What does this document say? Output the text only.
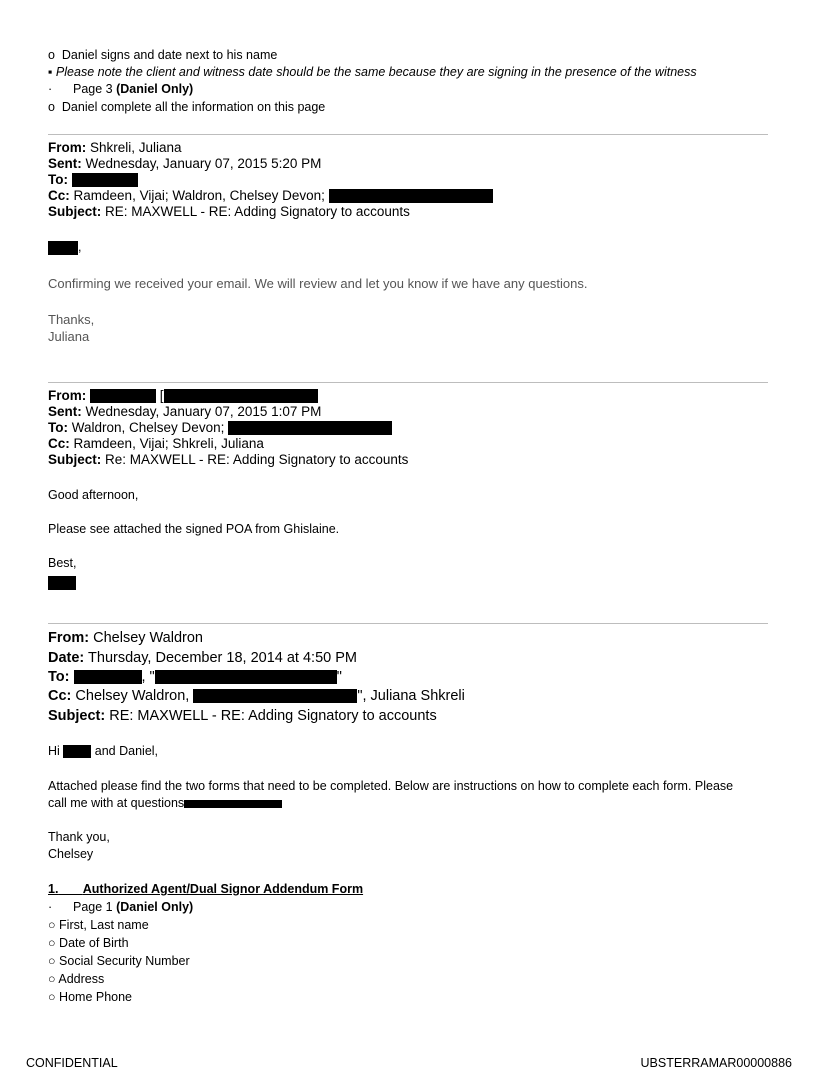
o Daniel signs and date next to his name
▪ Please note the client and witness date should be the same because they are signing in the presence of the witness
· Page 3 (Daniel Only)
o Daniel complete all the information on this page
From: Shkreli, Juliana
Sent: Wednesday, January 07, 2015 5:20 PM
To:
Cc: Ramdeen, Vijai; Waldron, Chelsey Devon;
Subject: RE: MAXWELL - RE: Adding Signatory to accounts
,
Confirming we received your email. We will review and let you know if we have any questions.
Thanks,
Juliana
From:	[
Sent: Wednesday, January 07, 2015 1:07 PM
To: Waldron, Chelsey Devon;
Cc: Ramdeen, Vijai; Shkreli, Juliana
Subject: Re: MAXWELL - RE: Adding Signatory to accounts
Good afternoon,
Please see attached the signed POA from Ghislaine.
Best,
From: Chelsey Waldron
Date: Thursday, December 18, 2014 at 4:50 PM
To:	, "	"
Cc: Chelsey Waldron,	", Juliana Shkreli
Subject: RE: MAXWELL - RE: Adding Signatory to accounts
Hi	and Daniel,
Attached please find the two forms that need to be completed. Below are instructions on how to complete each form. Please
call me with at questions
Thank you,
Chelsey
1. Authorized Agent/Dual Signor Addendum Form
· Page 1 (Daniel Only)
○ First, Last name
○ Date of Birth
○ Social Security Number
○ Address
○ Home Phone
CONFIDENTIAL	UBSTERRAMAR00000886
